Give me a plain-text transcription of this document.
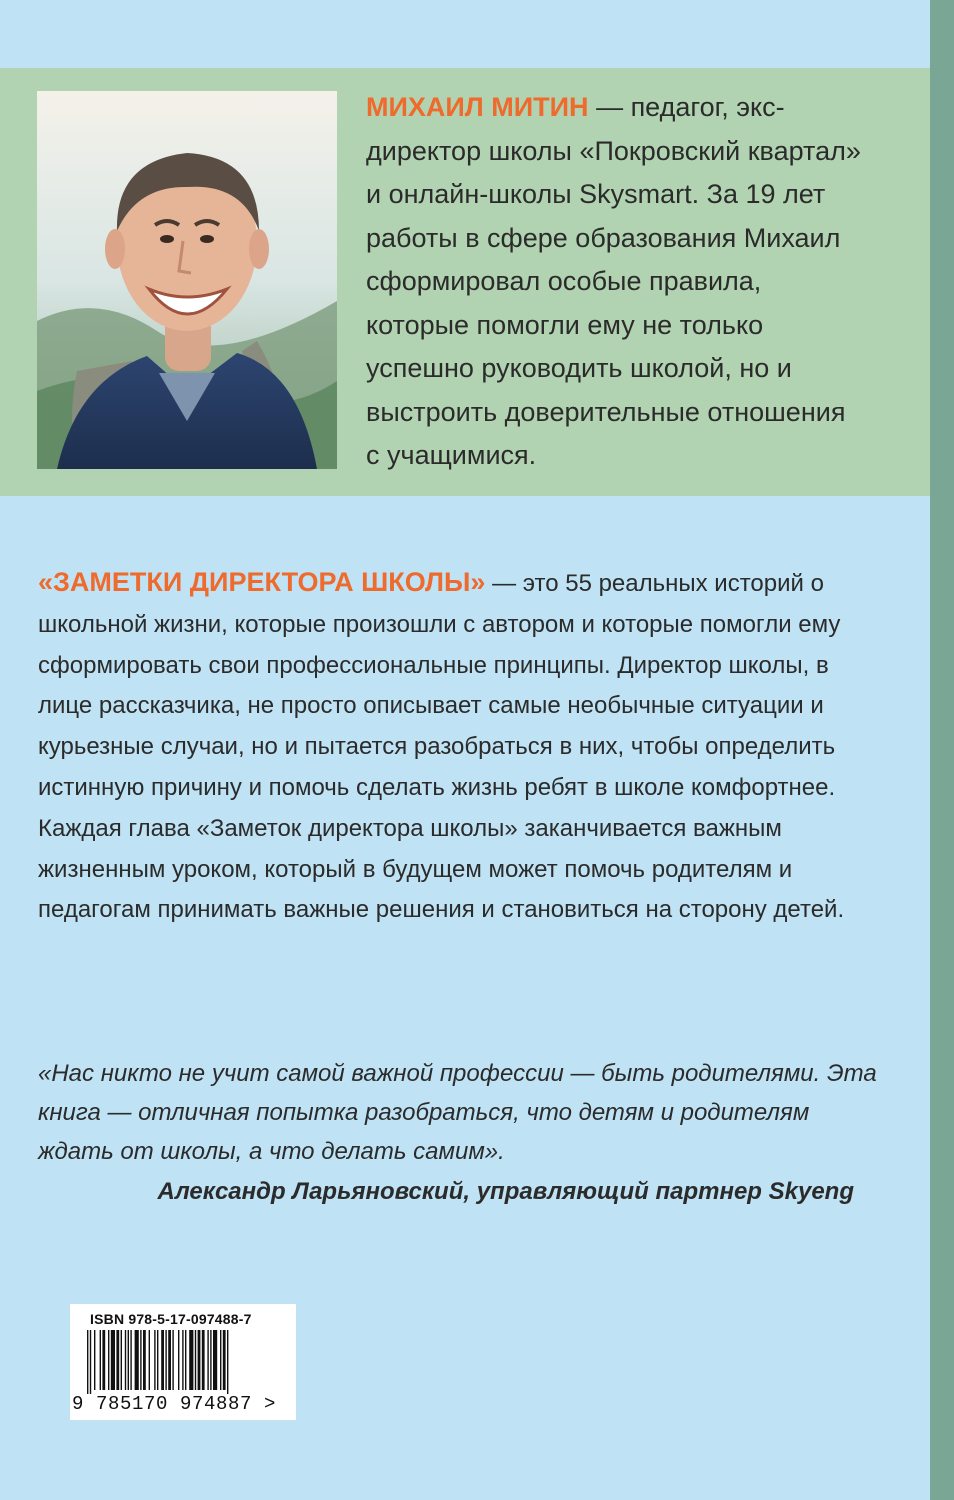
МИХАИЛ МИТИН — педагог, экс-директор школы «Покровский квартал» и онлайн-школы Skysmart. За 19 лет работы в сфере образования Михаил сформировал особые правила, которые помогли ему не только успешно руководить школой, но и выстроить доверительные отношения с учащимися.

«ЗАМЕТКИ ДИРЕКТОРА ШКОЛЫ» — это 55 реальных историй о школьной жизни, которые произошли с автором и которые помогли ему сформировать свои профессиональные принципы. Директор школы, в лице рассказчика, не просто описывает самые необычные ситуации и курьезные случаи, но и пытается разобраться в них, чтобы определить истинную причину и помочь сделать жизнь ребят в школе комфортнее. Каждая глава «Заметок директора школы» заканчивается важным жизненным уроком, который в будущем может помочь родителям и педагогам принимать важные решения и становиться на сторону детей.

«Нас никто не учит самой важной профессии — быть родителями. Эта книга — отличная попытка разобраться, что детям и родителям ждать от школы, а что делать самим».

Александр Ларьяновский, управляющий партнер Skyeng
ISBN 978-5-17-097488-7
9 785170 974887 >
